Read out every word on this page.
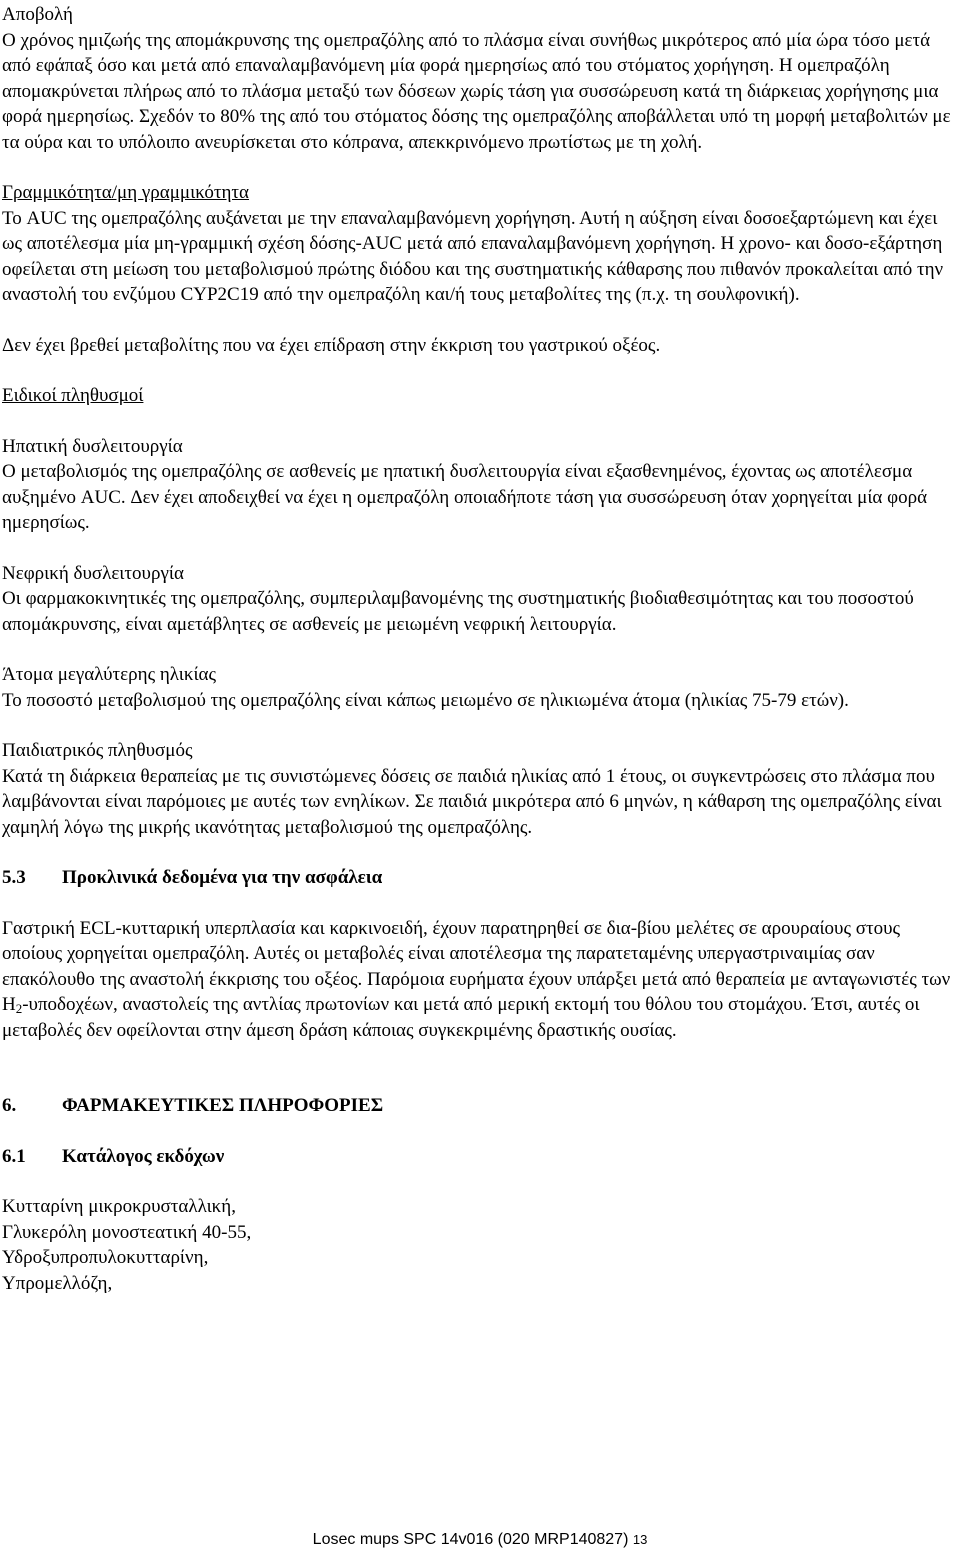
Αποβολή

Ο χρόνος ημιζωής της απομάκρυνσης της ομεπραζόλης από το πλάσμα είναι συνήθως μικρότερος από μία ώρα τόσο μετά από εφάπαξ όσο και μετά από επαναλαμβανόμενη μία φορά ημερησίως από του στόματος χορήγηση. Η ομεπραζόλη απομακρύνεται πλήρως από το πλάσμα μεταξύ των δόσεων χωρίς τάση για συσσώρευση κατά τη διάρκειας χορήγησης μια φορά ημερησίως. Σχεδόν το 80% της από του στόματος δόσης της ομεπραζόλης αποβάλλεται υπό τη μορφή μεταβολιτών με τα ούρα και το υπόλοιπο ανευρίσκεται στο κόπρανα, απεκκρινόμενο πρωτίστως με τη χολή.

Γραμμικότητα/μη γραμμικότητα

Το AUC της ομεπραζόλης αυξάνεται με την επαναλαμβανόμενη χορήγηση. Αυτή η αύξηση είναι δοσοεξαρτώμενη και έχει ως αποτέλεσμα μία μη-γραμμική σχέση δόσης-AUC μετά από επαναλαμβανόμενη χορήγηση. Η χρονο- και δοσο-εξάρτηση οφείλεται στη μείωση του μεταβολισμού πρώτης διόδου και της συστηματικής κάθαρσης που πιθανόν προκαλείται από την αναστολή του ενζύμου CYP2C19 από την ομεπραζόλη και/ή τους μεταβολίτες της (π.χ. τη σουλφονική).

Δεν έχει βρεθεί μεταβολίτης που να έχει επίδραση στην έκκριση του γαστρικού οξέος.

Ειδικοί πληθυσμοί

Ηπατική δυσλειτουργία

Ο μεταβολισμός της ομεπραζόλης σε ασθενείς με ηπατική δυσλειτουργία είναι εξασθενημένος, έχοντας ως αποτέλεσμα αυξημένο AUC. Δεν έχει αποδειχθεί να έχει η ομεπραζόλη οποιαδήποτε τάση για συσσώρευση όταν χορηγείται μία φορά ημερησίως.

Νεφρική δυσλειτουργία

Οι φαρμακοκινητικές της ομεπραζόλης, συμπεριλαμβανομένης της συστηματικής βιοδιαθεσιμότητας και του ποσοστού απομάκρυνσης, είναι αμετάβλητες σε ασθενείς με μειωμένη νεφρική λειτουργία.

Άτομα μεγαλύτερης ηλικίας

Το ποσοστό μεταβολισμού της ομεπραζόλης είναι κάπως μειωμένο σε ηλικιωμένα άτομα (ηλικίας 75-79 ετών).

Παιδιατρικός πληθυσμός

Κατά τη διάρκεια θεραπείας με τις συνιστώμενες δόσεις σε παιδιά ηλικίας από 1 έτους, οι συγκεντρώσεις στο πλάσμα που λαμβάνονται είναι παρόμοιες με αυτές των ενηλίκων. Σε παιδιά μικρότερα από 6 μηνών, η κάθαρση της ομεπραζόλης είναι χαμηλή λόγω της μικρής ικανότητας μεταβολισμού της ομεπραζόλης.

5.3	Προκλινικά δεδομένα για την ασφάλεια

Γαστρική ECL-κυτταρική υπερπλασία και καρκινοειδή, έχουν παρατηρηθεί σε δια-βίου μελέτες σε αρουραίους στους οποίους χορηγείται ομεπραζόλη. Αυτές οι μεταβολές είναι αποτέλεσμα της παρατεταμένης υπεργαστριναιμίας σαν επακόλουθο της αναστολή έκκρισης του οξέος. Παρόμοια ευρήματα έχουν υπάρξει μετά από θεραπεία με ανταγωνιστές των $H_2$-υποδοχέων, αναστολείς της αντλίας πρωτονίων και μετά από μερική εκτομή του θόλου του στομάχου. Έτσι, αυτές οι μεταβολές δεν οφείλονται στην άμεση δράση κάποιας συγκεκριμένης δραστικής ουσίας.

6.	ΦΑΡΜΑΚΕΥΤΙΚΕΣ ΠΛΗΡΟΦΟΡΙΕΣ

6.1	Κατάλογος εκδόχων

Κυτταρίνη μικροκρυσταλλική,

Γλυκερόλη μονοστεατική 40-55,

Υδροξυπροπυλοκυτταρίνη,

Υπρομελλόζη,

Losec mups SPC 14v016 (020 MRP140827) 13
